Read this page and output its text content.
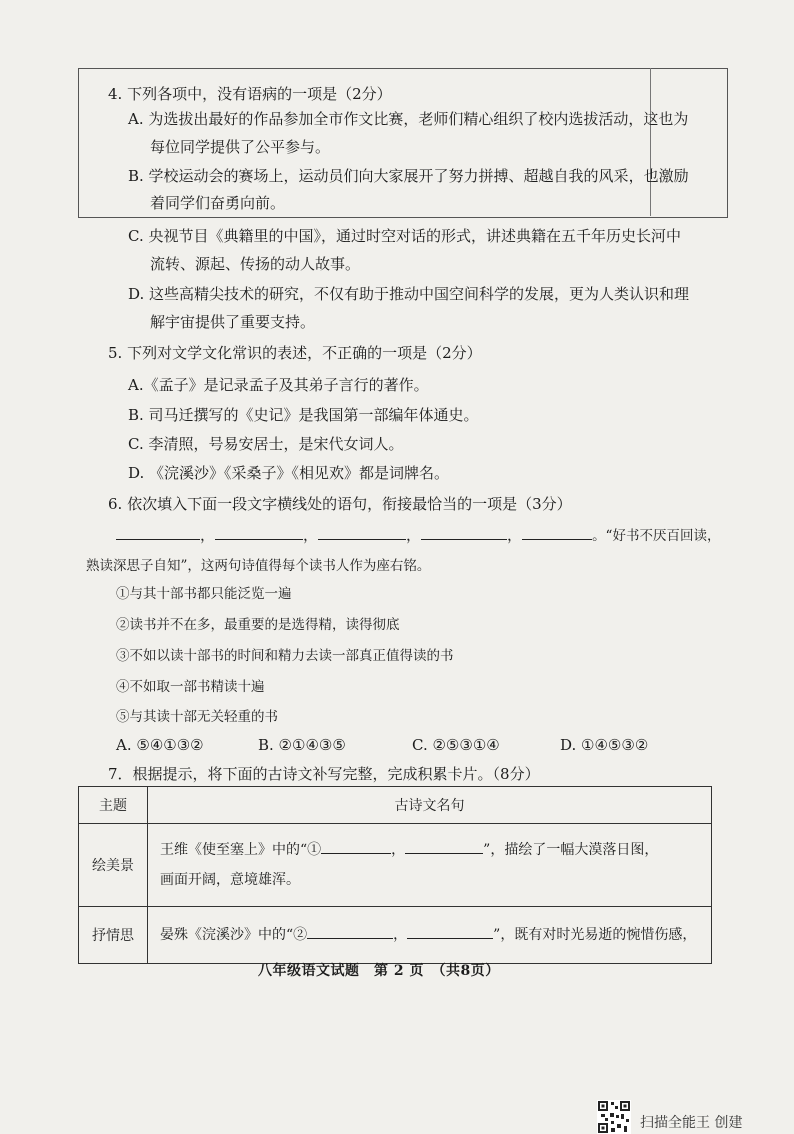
4. 下列各项中，没有语病的一项是（2分）
A. 为选拔出最好的作品参加全市作文比赛，老师们精心组织了校内选拔活动，这也为
每位同学提供了公平参与。
B. 学校运动会的赛场上，运动员们向大家展开了努力拼搏、超越自我的风采，也激励
着同学们奋勇向前。
C. 央视节目《典籍里的中国》，通过时空对话的形式，讲述典籍在五千年历史长河中
流转、源起、传扬的动人故事。
D. 这些高精尖技术的研究，不仅有助于推动中国空间科学的发展，更为人类认识和理
解宇宙提供了重要支持。
5. 下列对文学文化常识的表述，不正确的一项是（2分）
A.《孟子》是记录孟子及其弟子言行的著作。
B. 司马迁撰写的《史记》是我国第一部编年体通史。
C. 李清照，号易安居士，是宋代女词人。
D. 《浣溪沙》《采桑子》《相见欢》都是词牌名。
6. 依次填入下面一段文字横线处的语句，衔接最恰当的一项是（3分）
，	，	，	，	。“好书不厌百回读，
熟读深思子自知”，这两句诗值得每个读书人作为座右铭。
①与其十部书都只能泛览一遍
②读书并不在多，最重要的是选得精，读得彻底
③不如以读十部书的时间和精力去读一部真正值得读的书
④不如取一部书精读十遍
⑤与其读十部无关轻重的书
A. ⑤④①③②	B. ②①④③⑤	C. ②⑤③①④	D. ①④⑤③②
7．根据提示，将下面的古诗文补写完整，完成积累卡片。（8分）
主题	古诗文名句
绘美景	王维《使至塞上》中的“① ， ”，描绘了一幅大漠落日图，
画面开阔，意境雄浑。

抒情思	晏殊《浣溪沙》中的“② ， ”，既有对时光易逝的惋惜伤感，
八年级语文试题　第 2 页　（共8页）
扫描全能王 创建
